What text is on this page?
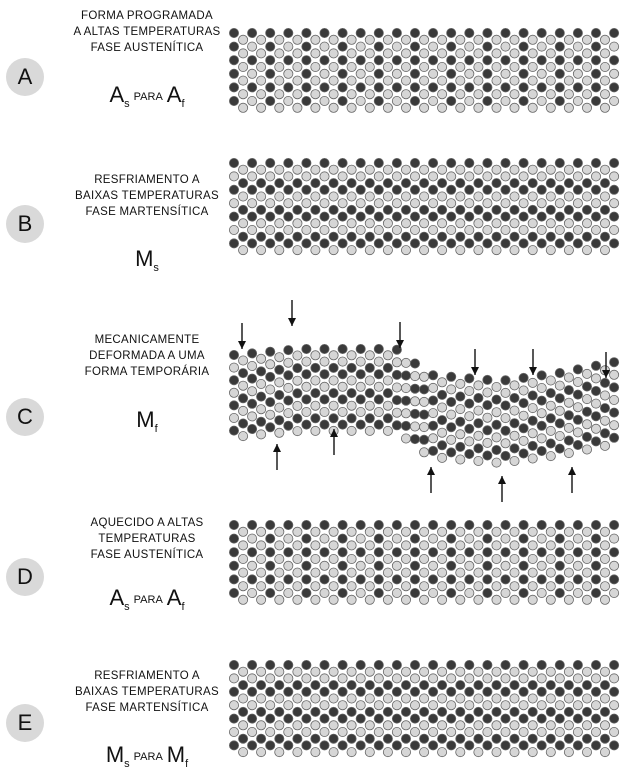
A
FORMA PROGRAMADA
A ALTAS TEMPERATURAS
FASE AUSTENÍTICA
$A_sPARA$ $A_f$
B
RESFRIAMENTO A
BAIXAS TEMPERATURAS
FASE MARTENSÍTICA
$M_s$
C
MECANICAMENTE
DEFORMADA A UMA
FORMA TEMPORÁRIA
$M_f$
D
AQUECIDO A ALTAS
TEMPERATURAS
FASE AUSTENÍTICA
$A_sPARA$ $A_f$
E
RESFRIAMENTO A
BAIXAS TEMPERATURAS
FASE MARTENSÍTICA
$M_sPARA$ $M_f$
